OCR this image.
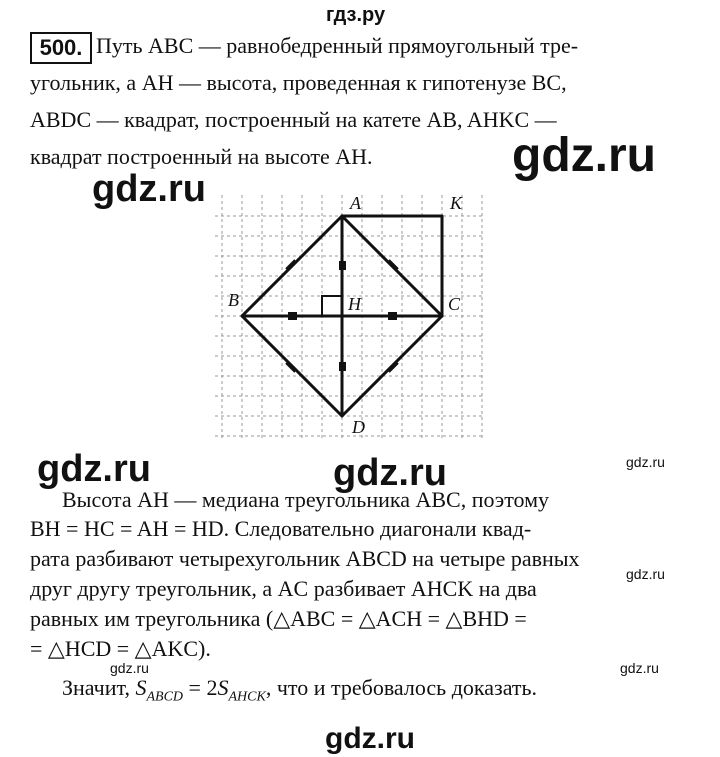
гдз.ру
500. Путь ABC — равнобедренный прямоугольный тре-
угольник, а AH — высота, проведенная к гипотенузе BC,
ABDC — квадрат, построенный на катете AB, AHKC —
квадрат построенный на высоте AH.	gdz.ru
gdz.ru
gdz.ru	gdz.ru	gdz.ru
gdz.ru
gdz.ru	gdz.ru
gdz.ru
A	K
B	H	C
D
Высота AH — медиана треугольника ABC, поэтому
BH = HC = AH = HD. Следовательно диагонали квад-
рата разбивают четырехугольник ABCD на четыре равных
друг другу треугольник, а AC разбивает AHCK на два
равных им треугольника (△ABC = △ACH = △BHD =
= △HCD = △AKC).
Значит, $S_{ABCD} = 2S_{AHCK}$, что и требовалось доказать.
